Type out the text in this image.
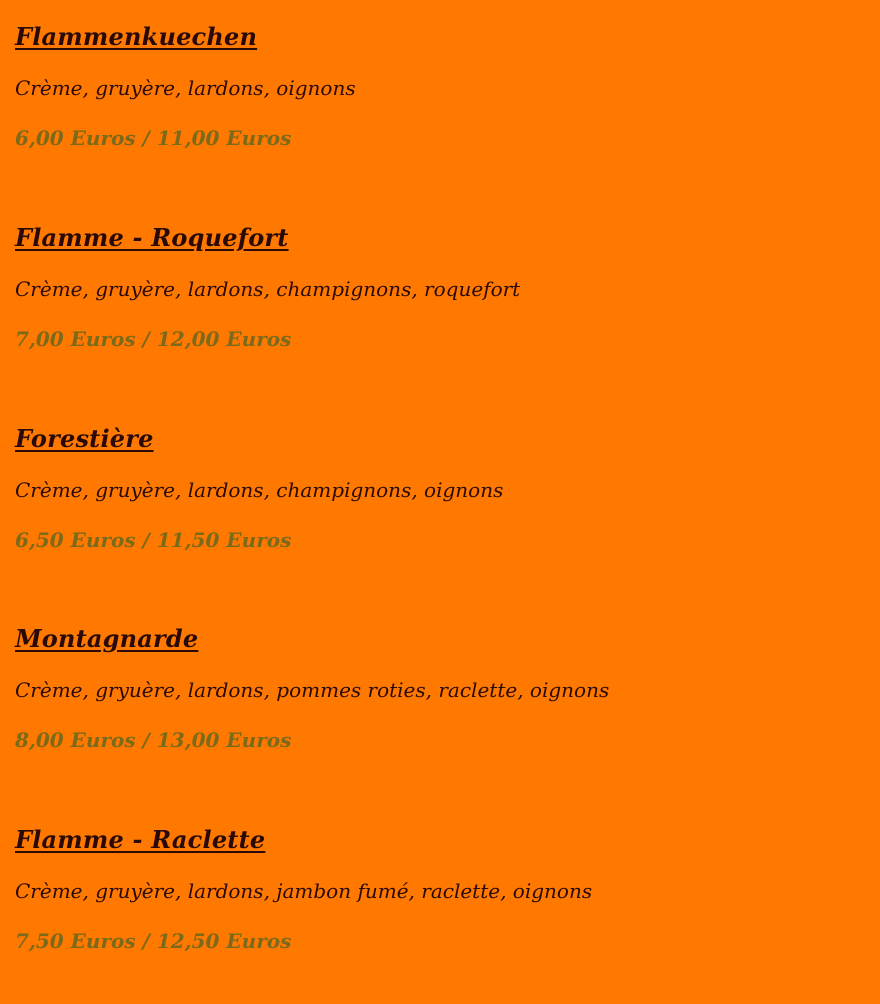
Flammenkuechen

Crème, gruyère, lardons, oignons

6,00 Euros / 11,00 Euros

Flamme - Roquefort

Crème, gruyère, lardons, champignons, roquefort

7,00 Euros / 12,00 Euros

Forestière

Crème, gruyère, lardons, champignons, oignons

6,50 Euros / 11,50 Euros

Montagnarde

Crème, gryuère, lardons, pommes roties, raclette, oignons

8,00 Euros / 13,00 Euros

Flamme - Raclette

Crème, gruyère, lardons, jambon fumé, raclette, oignons

7,50 Euros / 12,50 Euros
